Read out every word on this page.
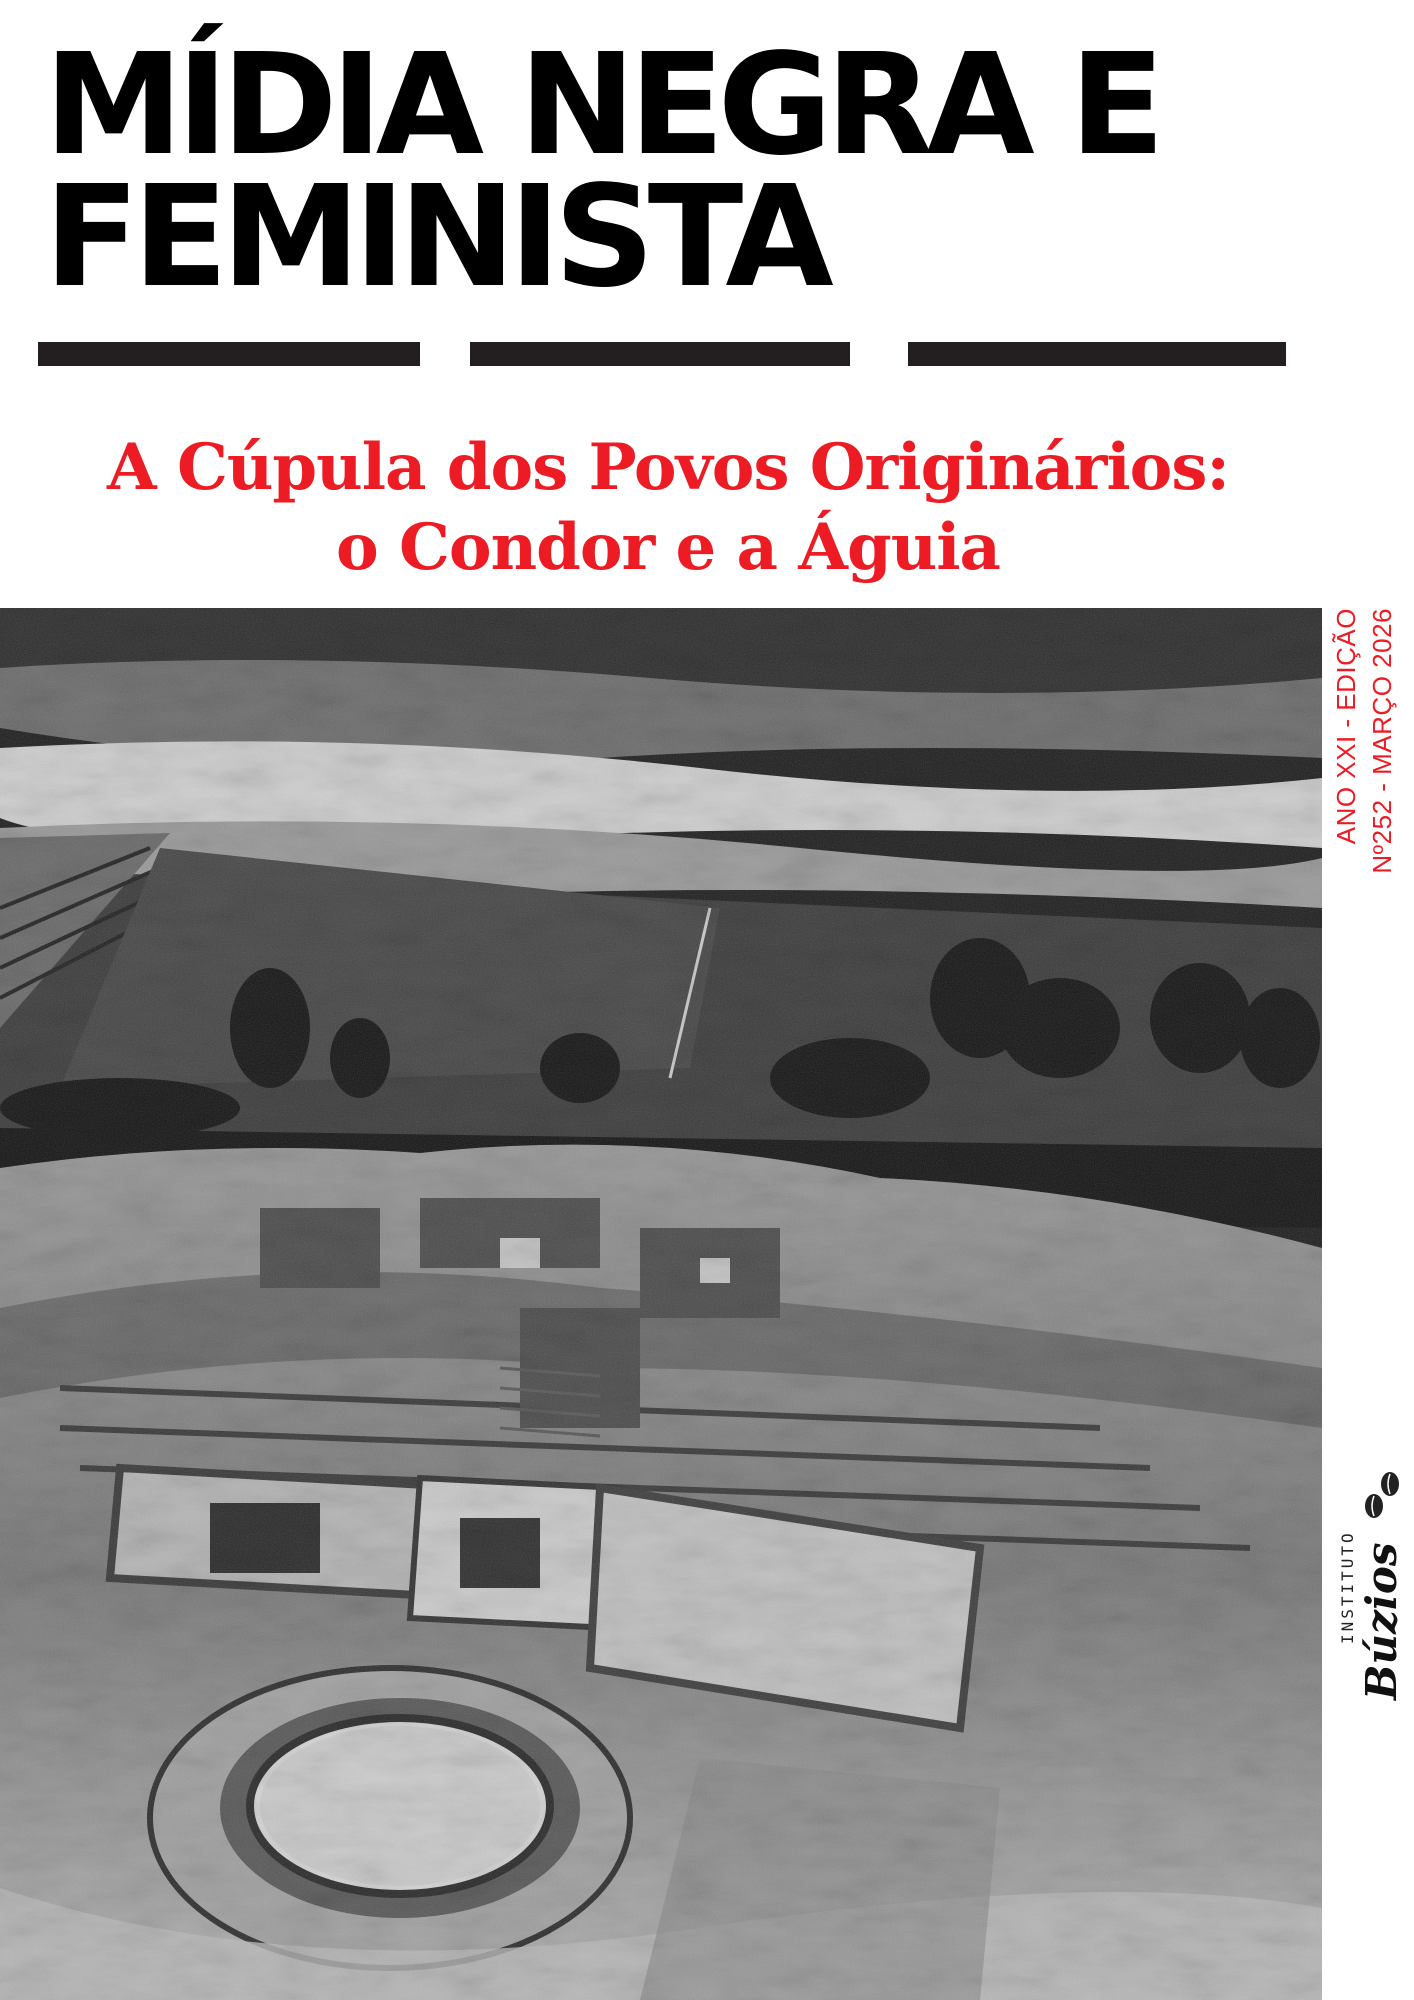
MÍDIA NEGRA E
FEMINISTA
A Cúpula dos Povos Originários:
o Condor e a Águia
ANO XXI - EDIÇÃO Nº252 - MARÇO 2026
INSTITUTO Búzios
